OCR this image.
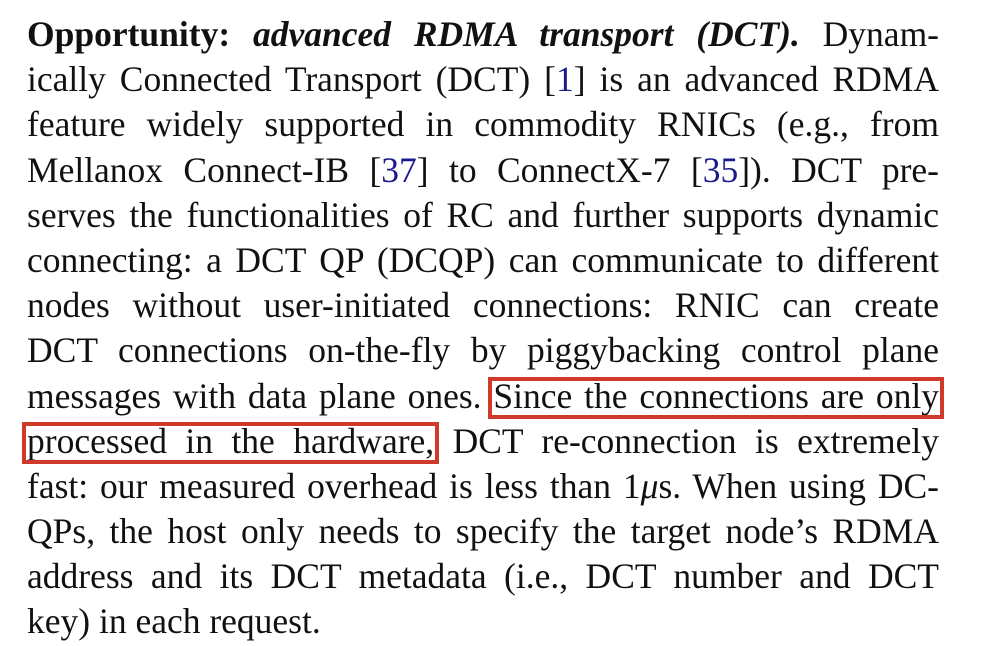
Opportunity: advanced RDMA transport (DCT). Dynam-
ically Connected Transport (DCT) [1] is an advanced RDMA
feature widely supported in commodity RNICs (e.g., from
Mellanox Connect-IB [37] to ConnectX-7 [35]). DCT pre-
serves the functionalities of RC and further supports dynamic
connecting: a DCT QP (DCQP) can communicate to different
nodes without user-initiated connections: RNIC can create
DCT connections on-the-fly by piggybacking control plane
messages with data plane ones. Since the connections are only
processed in the hardware, DCT re-connection is extremely
fast: our measured overhead is less than 1μs. When using DC-
QPs, the host only needs to specify the target node’s RDMA
address and its DCT metadata (i.e., DCT number and DCT
key) in each request.
